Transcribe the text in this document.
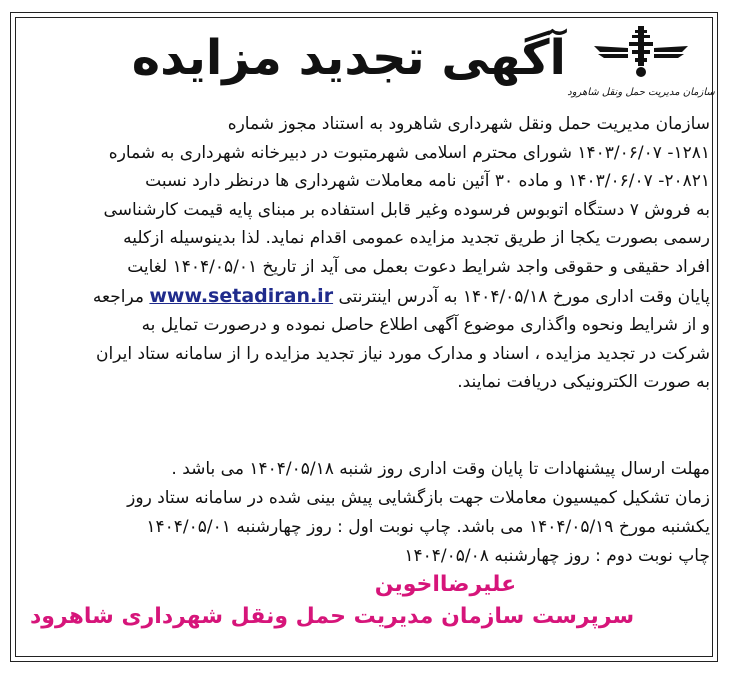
آگهی تجدید مزایده
سازمان مدیریت حمل ونقل شاهرود

سازمان مدیریت حمل ونقل شهرداری شاهرود به استناد مجوز شماره

۱۲۸۱- ۱۴۰۳/۰۶/۰۷ شورای محترم اسلامی شهرمتبوت در دبیرخانه شهرداری به شماره

۲۰۸۲۱- ۱۴۰۳/۰۶/۰۷ و ماده ۳۰ آئین نامه معاملات شهرداری ها درنظر دارد نسبت

به فروش ۷ دستگاه اتوبوس فرسوده وغیر قابل استفاده بر مبنای پایه قیمت کارشناسی

رسمی بصورت یکجا از طریق تجدید مزایده عمومی اقدام نماید. لذا بدینوسیله ازکلیه

افراد حقیقی و حقوقی واجد شرایط دعوت بعمل می آید از تاریخ ۱۴۰۴/۰۵/۰۱ لغایت

پایان وقت اداری مورخ ۱۴۰۴/۰۵/۱۸ به آدرس اینترنتی www.setadiran.ir مراجعه

و از شرایط ونحوه واگذاری موضوع آگهی اطلاع حاصل نموده و درصورت تمایل به

شرکت در تجدید مزایده ، اسناد و مدارک مورد نیاز تجدید مزایده را از سامانه ستاد ایران

به صورت الکترونیکی دریافت نمایند.

مهلت ارسال پیشنهادات تا پایان وقت اداری روز شنبه ۱۴۰۴/۰۵/۱۸ می باشد .

زمان تشکیل کمیسیون معاملات جهت بازگشایی پیش بینی شده در سامانه ستاد روز

یکشنبه مورخ ۱۴۰۴/۰۵/۱۹ می باشد. چاپ نوبت اول : روز چهارشنبه ۱۴۰۴/۰۵/۰۱

چاپ نوبت دوم : روز چهارشنبه ۱۴۰۴/۰۵/۰۸

علیرضااخوین
سرپرست سازمان مدیریت حمل ونقل شهرداری شاهرود
